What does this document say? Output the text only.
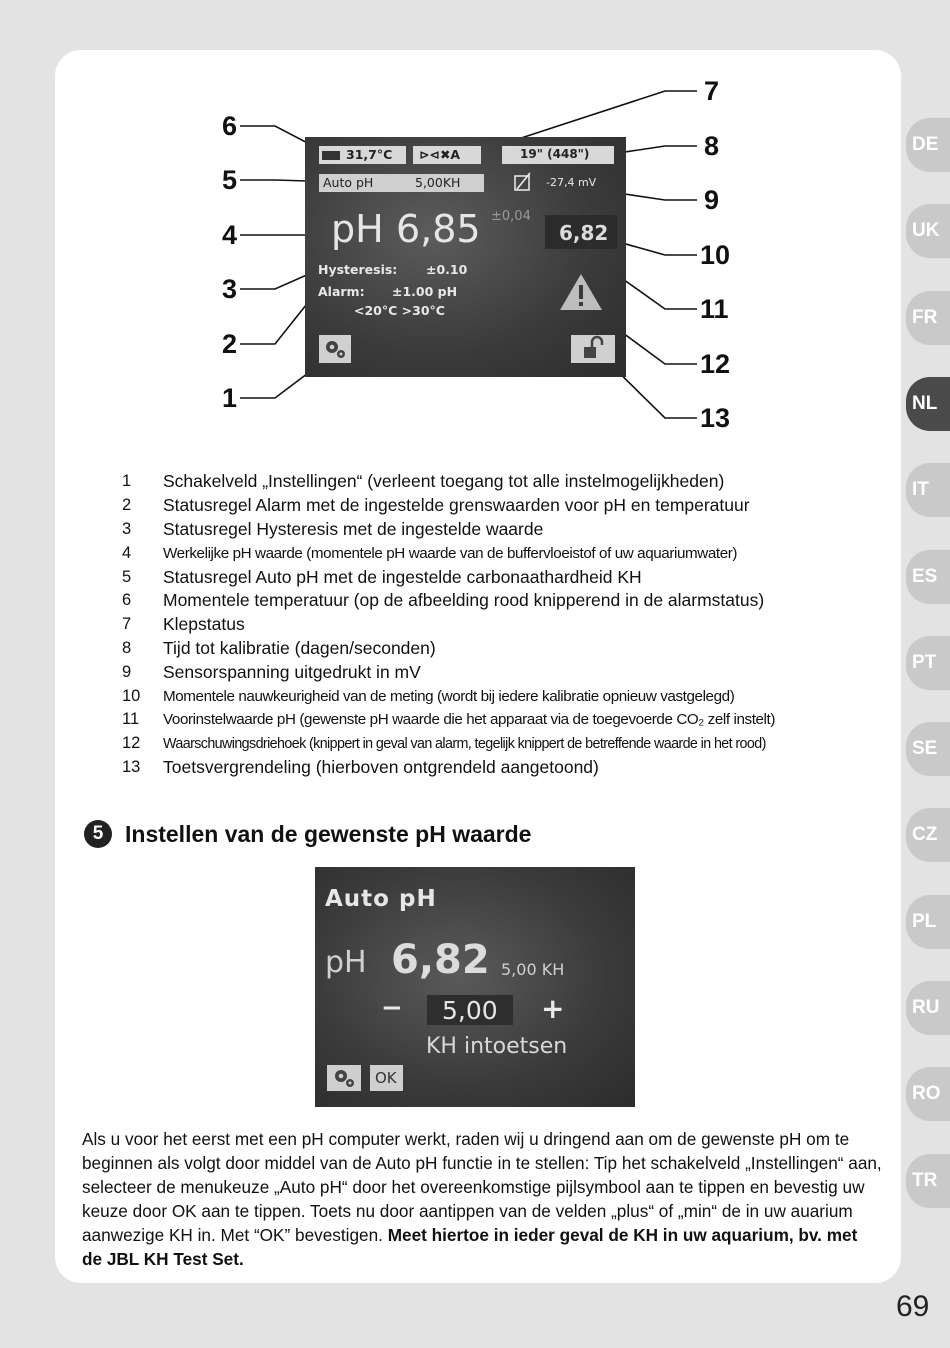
DE
UK
FR
NL
IT
ES
PT
SE
CZ
PL
RU
RO
TR
69
6
5
4
3
2
1
7
8
9
10
11
12
13
31,7°C ⊳⊲✖A	19" (448")
Auto pH	5,00KH	-27,4 mV
pH 6,85 ±0,04
6,82
Hysteresis: ±0.10
Alarm: ±1.00 pH
<20°C >30°C
1	Schakelveld „Instellingen“ (verleent toegang tot alle instelmogelijkheden)
2	Statusregel Alarm met de ingestelde grenswaarden voor pH en temperatuur
3	Statusregel Hysteresis met de ingestelde waarde
4	Werkelijke pH waarde (momentele pH waarde van de buffervloeistof of uw aquariumwater)
5	Statusregel Auto pH met de ingestelde carbonaathardheid KH
6	Momentele temperatuur (op de afbeelding rood knipperend in de alarmstatus)
7	Klepstatus
8	Tijd tot kalibratie (dagen/seconden)
9	Sensorspanning uitgedrukt in mV
10	Momentele nauwkeurigheid van de meting (wordt bij iedere kalibratie opnieuw vastgelegd)
11	Voorinstelwaarde pH (gewenste pH waarde die het apparaat via de toegevoerde CO₂ zelf instelt)
12	Waarschuwingsdriehoek (knippert in geval van alarm, tegelijk knippert de betreffende waarde in het rood)
13	Toetsvergrendeling (hierboven ontgrendeld aangetoond)
5 Instellen van de gewenste pH waarde
Auto pH
pH 6,82 5,00 KH
− 5,00 +
KH intoetsen
OK
Als u voor het eerst met een pH computer werkt, raden wij u dringend aan om de gewenste pH om te beginnen als volgt door middel van de Auto pH functie in te stellen: Tip het schakelveld „Instellingen“ aan, selecteer de menukeuze „Auto pH“ door het overeenkomstige pijlsymbool aan te tippen en bevestig uw keuze door OK aan te tippen. Toets nu door aantippen van de velden „plus“ of „min“ de in uw auarium aanwezige KH in. Met “OK” bevestigen. Meet hiertoe in ieder geval de KH in uw aquarium, bv. met de JBL KH Test Set.
